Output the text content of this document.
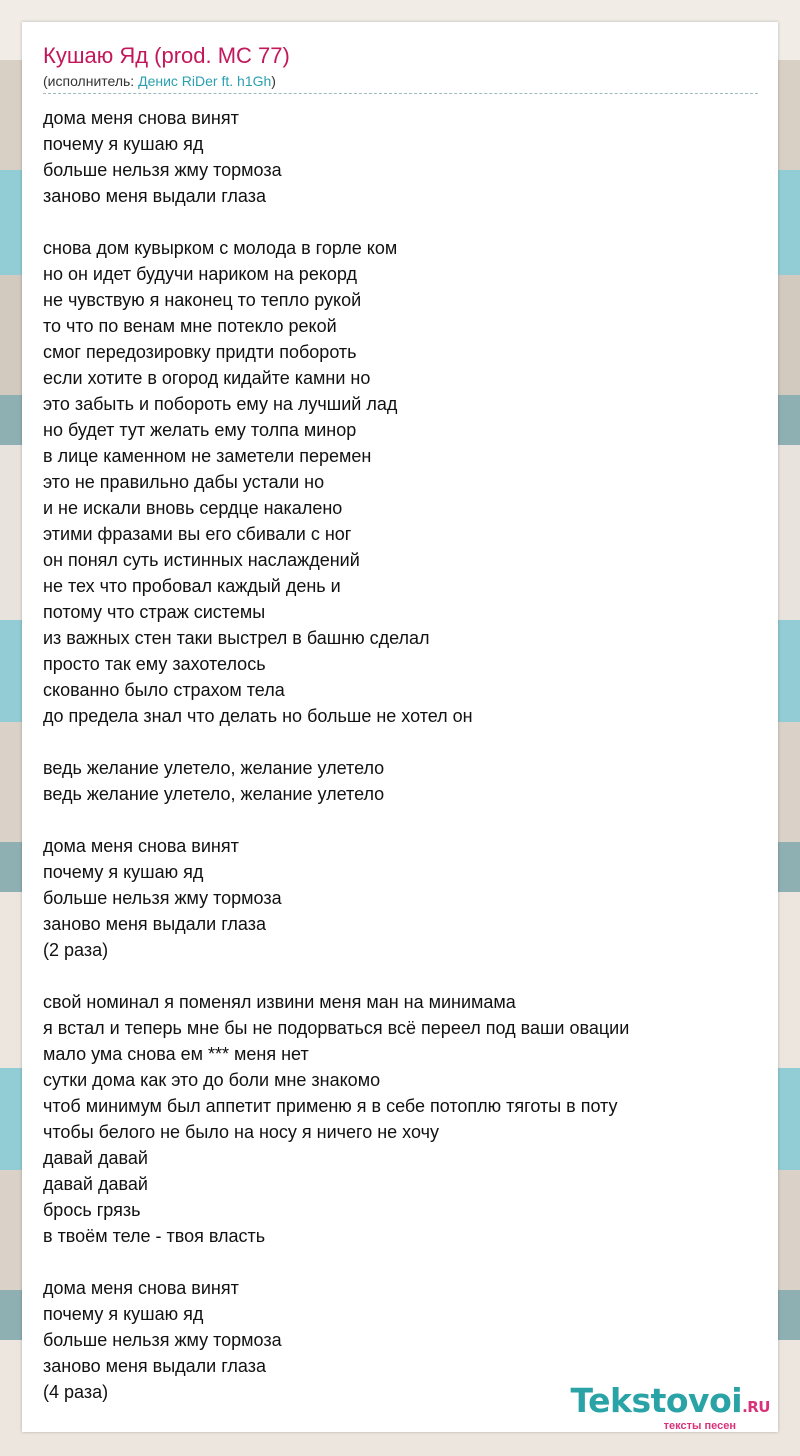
Кушаю Яд (prod. MC 77)
(исполнитель: Денис RiDer ft. h1Gh)
дома меня снова винят
почему я кушаю яд
больше нельзя жму тормоза
заново меня выдали глаза
снова дом кувырком с молода в горле ком
но он идет будучи нариком на рекорд
не чувствую я наконец то тепло рукой
то что по венам мне потекло рекой
смог передозировку придти побороть
если хотите в огород кидайте камни но
это забыть и побороть ему на лучший лад
но будет тут желать ему толпа минор
в лице каменном не заметели перемен
это не правильно дабы устали но
и не искали вновь сердце накалено
этими фразами вы его сбивали с ног
он понял суть истинных наслаждений
не тех что пробовал каждый день и
потому что страж системы
из важных стен таки выстрел в башню сделал
просто так ему захотелось
скованно было страхом тела
до предела знал что делать но больше не хотел он
ведь желание улетело, желание улетело
ведь желание улетело, желание улетело
дома меня снова винят
почему я кушаю яд
больше нельзя жму тормоза
заново меня выдали глаза
(2 раза)
свой номинал я поменял извини меня ман на минимама
я встал и теперь мне бы не подорваться всё переел под ваши овации
мало ума снова ем *** меня нет
сутки дома как это до боли мне знакомо
чтоб минимум был аппетит применю я в себе потоплю тяготы в поту
чтобы белого не было на носу я ничего не хочу
давай давай
давай давай
брось грязь
в твоём теле - твоя власть
дома меня снова винят
почему я кушаю яд
больше нельзя жму тормоза
заново меня выдали глаза
(4 раза)	Tekstovoi.RU
тексты песен
